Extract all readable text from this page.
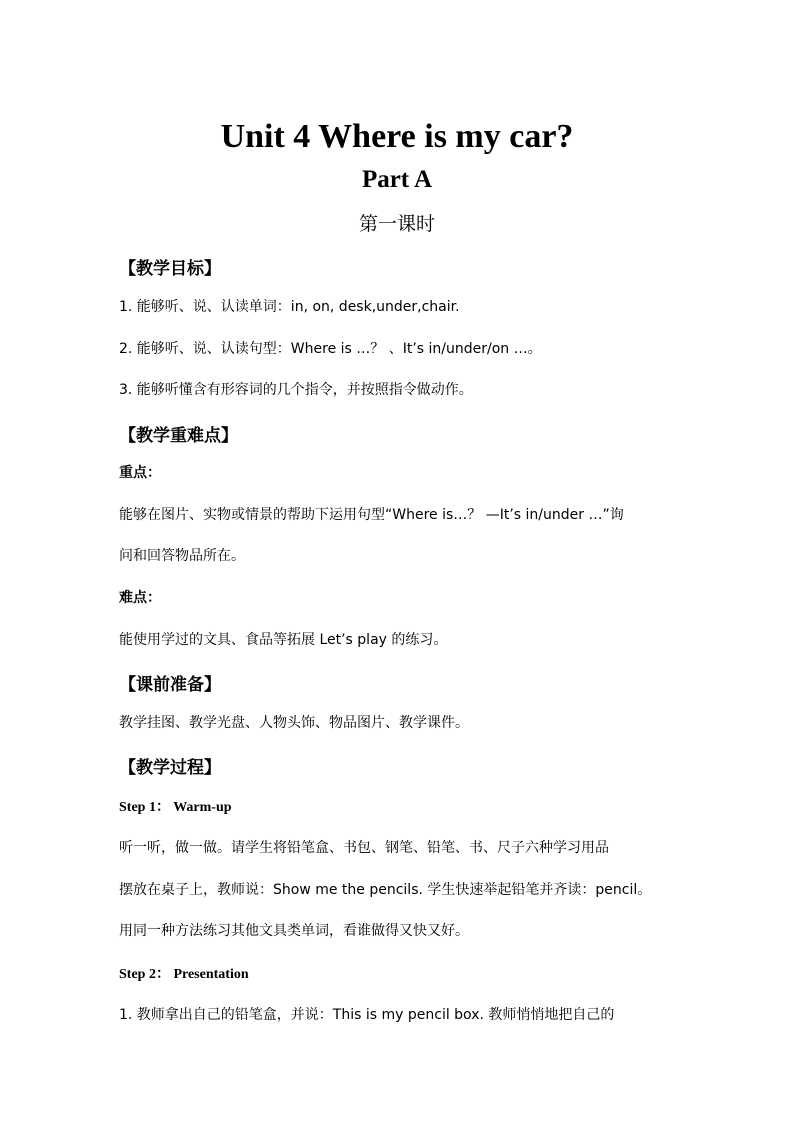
Unit 4 Where is my car?
Part A
第一课时
【教学目标】
1. 能够听、说、认读单词：in, on, desk,under,chair.
2. 能够听、说、认读句型：Where is …？ 、It’s in/under/on …。
3. 能够听懂含有形容词的几个指令，并按照指令做动作。
【教学重难点】
重点：
能够在图片、实物或情景的帮助下运用句型“Where is…？ —It’s in/under …”询
问和回答物品所在。
难点：
能使用学过的文具、食品等拓展 Let’s play 的练习。
【课前准备】
教学挂图、教学光盘、人物头饰、物品图片、教学课件。
【教学过程】
Step 1： Warm-up
听一听，做一做。请学生将铅笔盒、书包、钢笔、铅笔、书、尺子六种学习用品
摆放在桌子上，教师说：Show me the pencils. 学生快速举起铅笔并齐读：pencil。
用同一种方法练习其他文具类单词，看谁做得又快又好。
Step 2： Presentation
1. 教师拿出自己的铅笔盒，并说：This is my pencil box. 教师悄悄地把自己的
